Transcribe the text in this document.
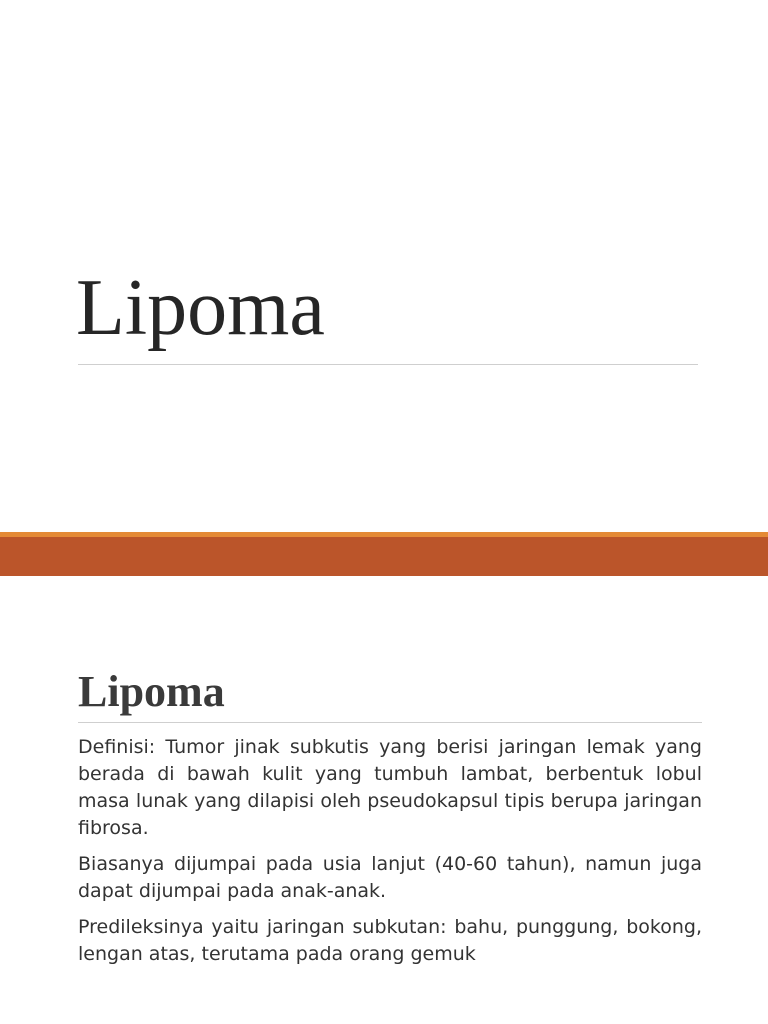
Lipoma
Lipoma

Definisi: Tumor jinak subkutis yang berisi jaringan lemak yang berada di bawah kulit yang tumbuh lambat, berbentuk lobul masa lunak yang dilapisi oleh pseudokapsul tipis berupa jaringan fibrosa.

Biasanya dijumpai pada usia lanjut (40-60 tahun), namun juga dapat dijumpai pada anak-anak.

Predileksinya yaitu jaringan subkutan: bahu, punggung, bokong, lengan atas, terutama pada orang gemuk
